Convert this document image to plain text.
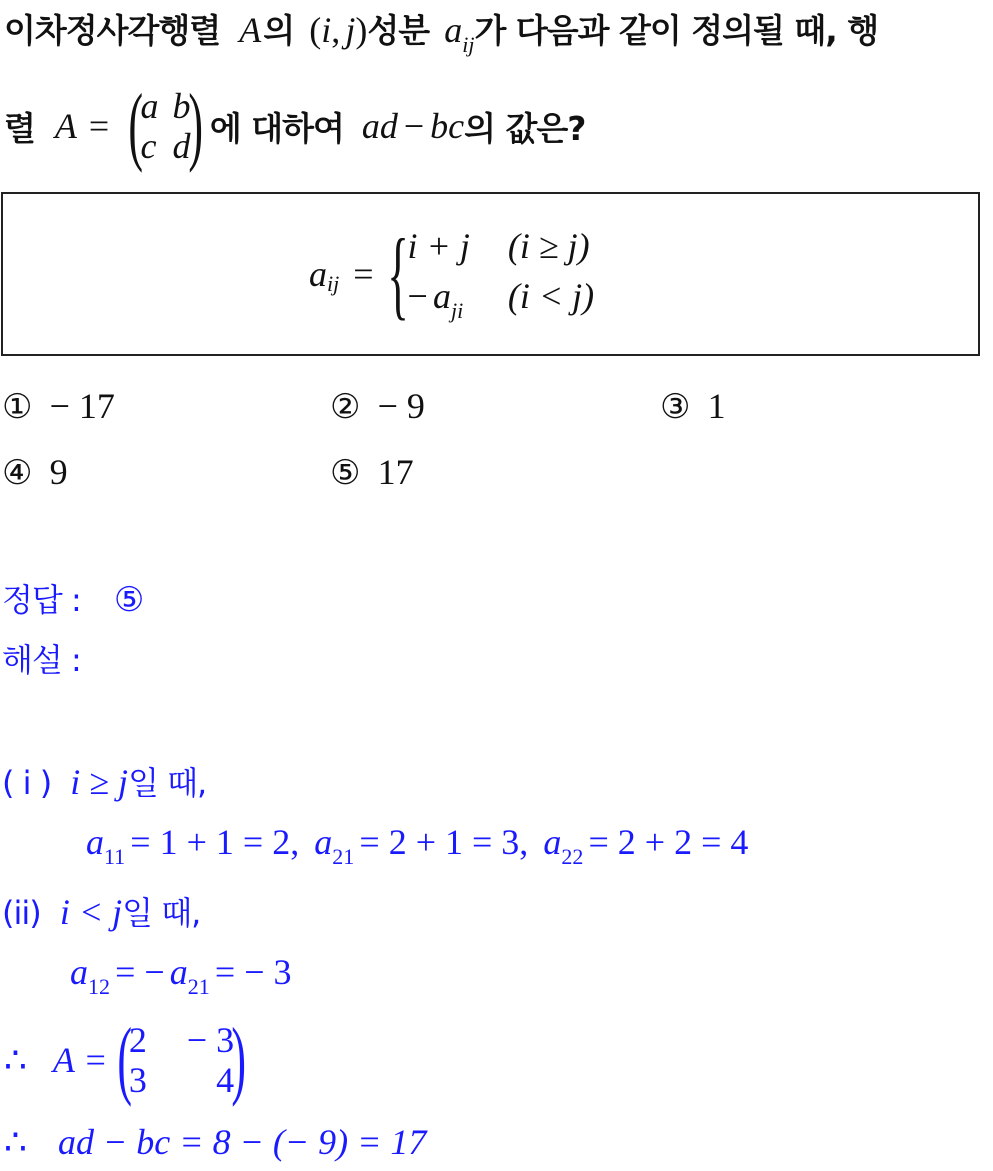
이차정사각행렬 A의 (i, j)성분 aij가 다음과 같이 정의될 때, 행
렬 A = (
a b
c d
) 에 대하여 ad − bc 의 값은?
a ij = { i + j (i ≥ j)
− aji (i < j)
① − 17	② − 9	③ 1
④ 9	⑤ 17
정답 : ⑤
해설 :
( i ) i ≥ j일 때,
a11 = 1 + 1 = 2, a21 = 2 + 1 = 3, a22 = 2 + 2 = 4
(ii) i < j일 때,
a12 = − a21 = − 3
∴ A = (
2 − 3
3	4
)
∴ ad − bc = 8 − (− 9) = 17
